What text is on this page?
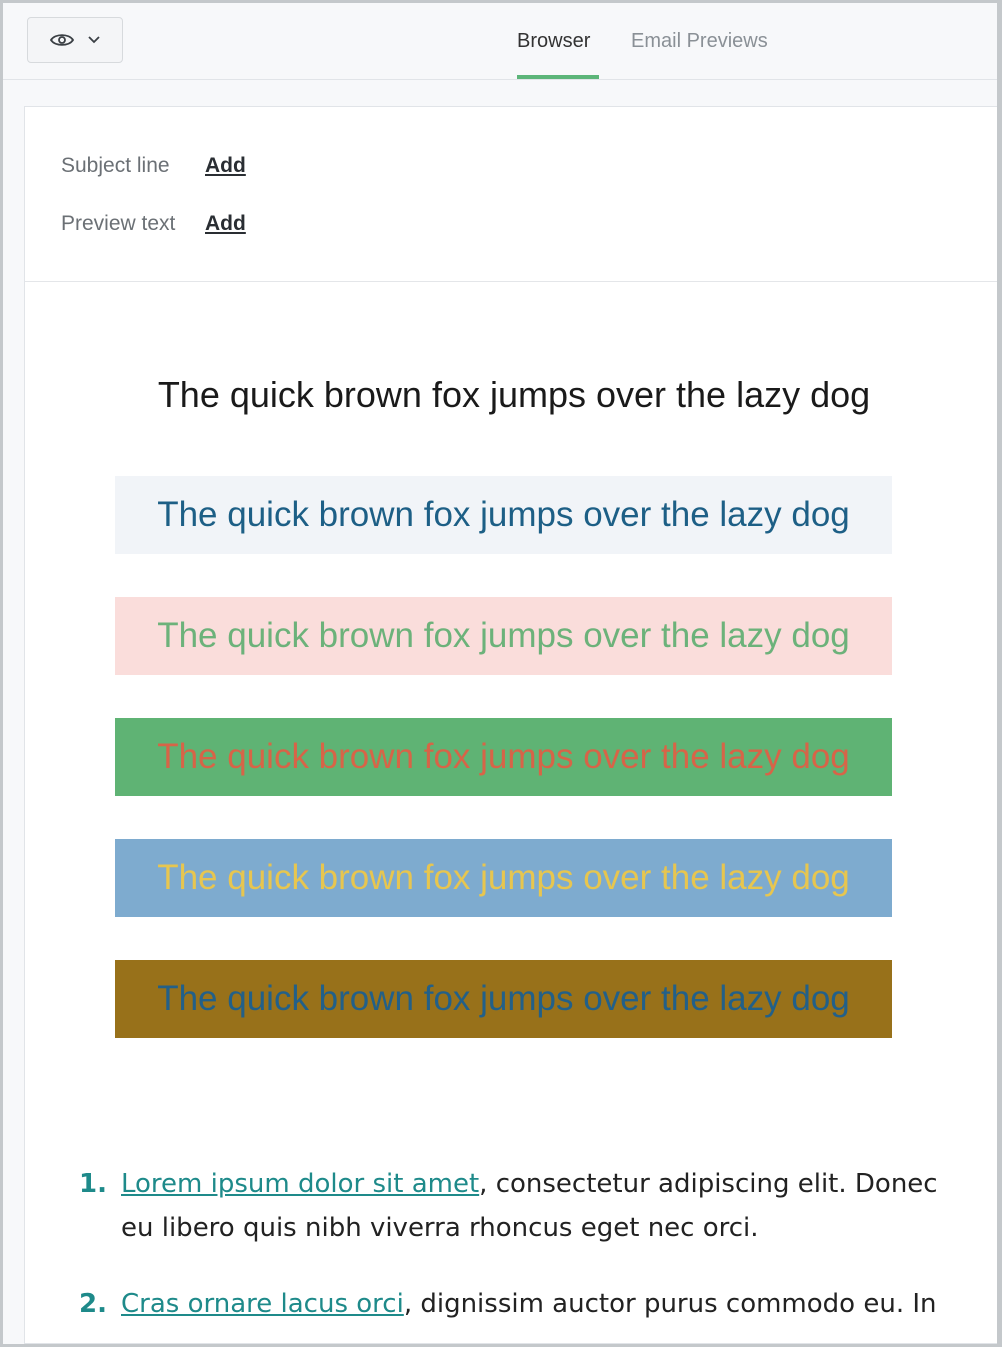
Browser Email Previews
Subject line Add
Preview text Add
The quick brown fox jumps over the lazy dog
The quick brown fox jumps over the lazy dog
The quick brown fox jumps over the lazy dog
The quick brown fox jumps over the lazy dog
The quick brown fox jumps over the lazy dog
The quick brown fox jumps over the lazy dog
1. Lorem ipsum dolor sit amet, consectetur adipiscing elit. Donec eu libero quis nibh viverra rhoncus eget nec orci.
2. Cras ornare lacus orci, dignissim auctor purus commodo eu. In
